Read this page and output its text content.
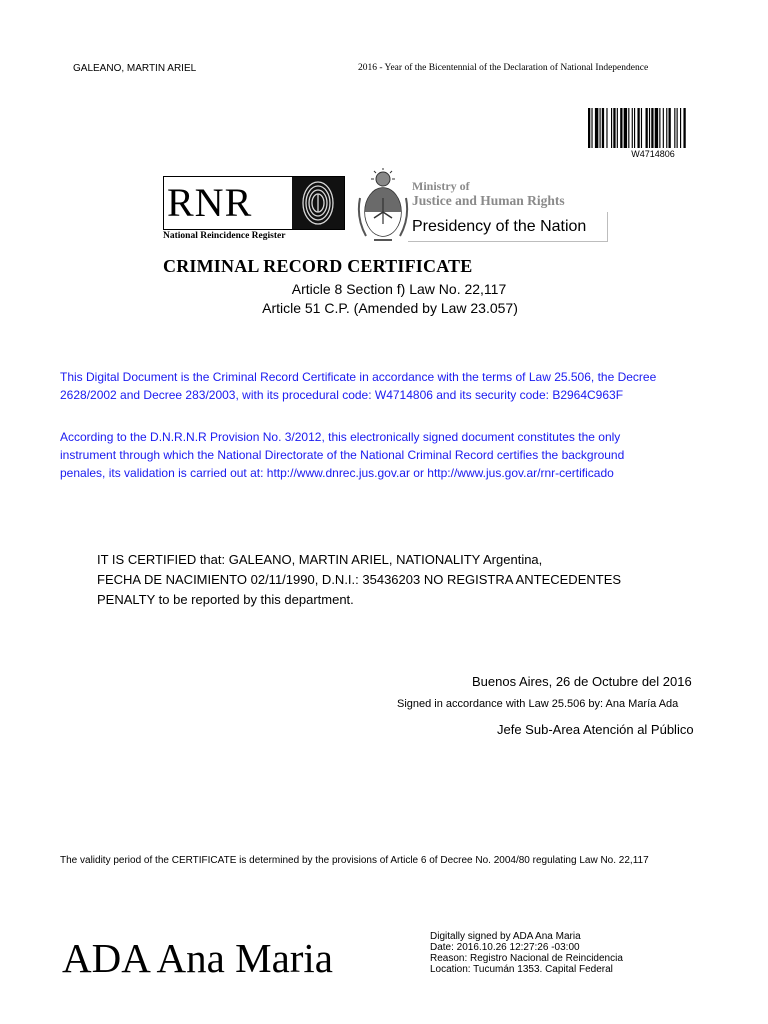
GALEANO, MARTIN ARIEL	2016 - Year of the Bicentennial of the Declaration of National Independence
W4714806
RNR
National Reincidence Register
Ministry of
Justice and Human Rights
Presidency of the Nation
CRIMINAL RECORD CERTIFICATE
Article 8 Section f) Law No. 22,117
Article 51 C.P. (Amended by Law 23.057)
This Digital Document is the Criminal Record Certificate in accordance with the terms of Law 25.506, the Decree 2628/2002 and Decree 283/2003, with its procedural code: W4714806 and its security code: B2964C963F
According to the D.N.R.N.R Provision No. 3/2012, this electronically signed document constitutes the only instrument through which the National Directorate of the National Criminal Record certifies the background penales, its validation is carried out at: http://www.dnrec.jus.gov.ar or http://www.jus.gov.ar/rnr-certificado
IT IS CERTIFIED that: GALEANO, MARTIN ARIEL, NATIONALITY Argentina,
FECHA DE NACIMIENTO 02/11/1990, D.N.I.: 35436203 NO REGISTRA ANTECEDENTES
PENALTY to be reported by this department.
Buenos Aires, 26 de Octubre del 2016
Signed in accordance with Law 25.506 by: Ana María Ada
Jefe Sub-Area Atención al Público
The validity period of the CERTIFICATE is determined by the provisions of Article 6 of Decree No. 2004/80 regulating Law No. 22,117
ADA Ana Maria	Digitally signed by ADA Ana Maria
Date: 2016.10.26 12:27:26 -03:00
Reason: Registro Nacional de Reincidencia
Location: Tucumán 1353. Capital Federal
